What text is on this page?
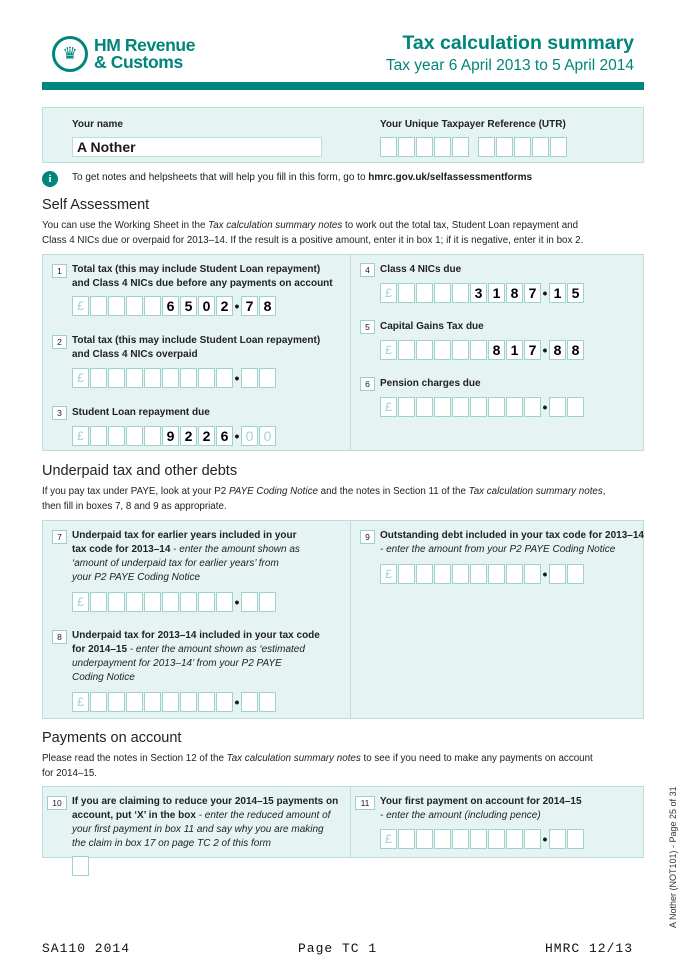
♛ HM Revenue
& Customs
Tax calculation summary
Tax year 6 April 2013 to 5 April 2014
Your name
A Nother
Your Unique Taxpayer Reference (UTR)
i	To get notes and helpsheets that will help you fill in this form, go to hmrc.gov.uk/selfassessmentforms
Self Assessment
You can use the Working Sheet in the Tax calculation summary notes to work out the total tax, Student Loan repayment and
Class 4 NICs due or overpaid for 2013–14. If the result is a positive amount, enter it in box 1; if it is negative, enter it in box 2.
1	Total tax (this may include Student Loan repayment)
and Class 4 NICs due before any payments on account
£	6 5 0 2 • 7 8
2	Total tax (this may include Student Loan repayment)
and Class 4 NICs overpaid
£	•
3	Student Loan repayment due
£	9 2 2 6 • 0 0
4	Class 4 NICs due
£	3 1 8 7 • 1 5
5	Capital Gains Tax due
£	8 1 7 • 8 8
6	Pension charges due
£	•
Underpaid tax and other debts
If you pay tax under PAYE, look at your P2 PAYE Coding Notice and the notes in Section 11 of the Tax calculation summary notes,
then fill in boxes 7, 8 and 9 as appropriate.
7	Underpaid tax for earlier years included in your
tax code for 2013–14 - enter the amount shown as
‘amount of underpaid tax for earlier years’ from
your P2 PAYE Coding Notice
£	•
8	Underpaid tax for 2013–14 included in your tax code
for 2014–15 - enter the amount shown as ‘estimated
underpayment for 2013–14’ from your P2 PAYE
Coding Notice
£	•
9	Outstanding debt included in your tax code for 2013–14
- enter the amount from your P2 PAYE Coding Notice
£	•
Payments on account
Please read the notes in Section 12 of the Tax calculation summary notes to see if you need to make any payments on account
for 2014–15.
10	If you are claiming to reduce your 2014–15 payments on
account, put ‘X’ in the box - enter the reduced amount of
your first payment in box 11 and say why you are making
the claim in box 17 on page TC 2 of this form
11	Your first payment on account for 2014–15
- enter the amount (including pence)
£	•
SA110 2014	Page TC 1	HMRC 12/13
A Nother (NOT101) - Page 25 of 31
